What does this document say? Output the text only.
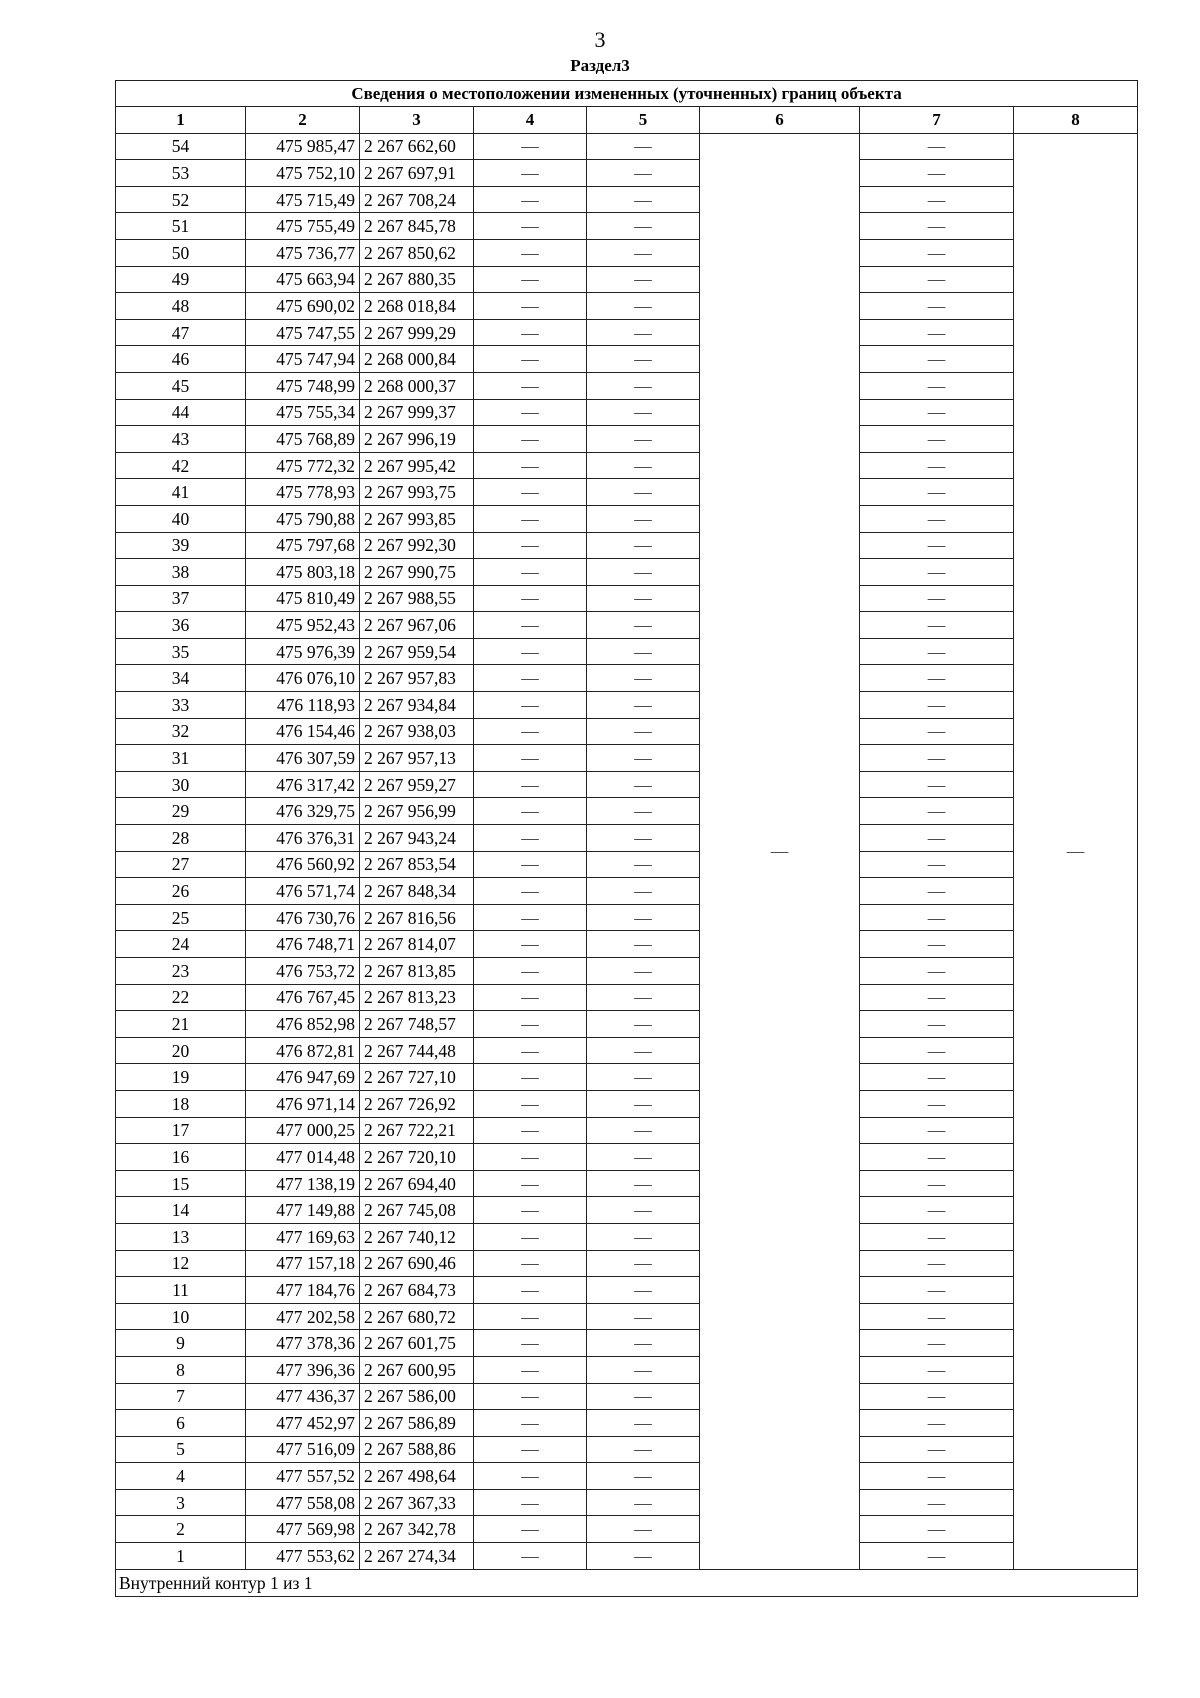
3
Раздел3
Сведения о местоположении измененных (уточненных) границ объекта							
1	2	3	4	5	6	7	8
54	475 985,47	2 267 662,60	—	—	—	—	—
53	475 752,10	2 267 697,91	—	—		—	
52	475 715,49	2 267 708,24	—	—		—	
51	475 755,49	2 267 845,78	—	—		—	
50	475 736,77	2 267 850,62	—	—		—	
49	475 663,94	2 267 880,35	—	—		—	
48	475 690,02	2 268 018,84	—	—		—	
47	475 747,55	2 267 999,29	—	—		—	
46	475 747,94	2 268 000,84	—	—		—	
45	475 748,99	2 268 000,37	—	—		—	
44	475 755,34	2 267 999,37	—	—		—	
43	475 768,89	2 267 996,19	—	—		—	
42	475 772,32	2 267 995,42	—	—		—	
41	475 778,93	2 267 993,75	—	—		—	
40	475 790,88	2 267 993,85	—	—		—	
39	475 797,68	2 267 992,30	—	—		—	
38	475 803,18	2 267 990,75	—	—		—	
37	475 810,49	2 267 988,55	—	—		—	
36	475 952,43	2 267 967,06	—	—		—	
35	475 976,39	2 267 959,54	—	—		—	
34	476 076,10	2 267 957,83	—	—		—	
33	476 118,93	2 267 934,84	—	—		—	
32	476 154,46	2 267 938,03	—	—		—	
31	476 307,59	2 267 957,13	—	—		—	
30	476 317,42	2 267 959,27	—	—		—	
29	476 329,75	2 267 956,99	—	—		—	
28	476 376,31	2 267 943,24	—	—		—	
27	476 560,92	2 267 853,54	—	—		—	
26	476 571,74	2 267 848,34	—	—		—	
25	476 730,76	2 267 816,56	—	—		—	
24	476 748,71	2 267 814,07	—	—		—	
23	476 753,72	2 267 813,85	—	—		—	
22	476 767,45	2 267 813,23	—	—		—	
21	476 852,98	2 267 748,57	—	—		—	
20	476 872,81	2 267 744,48	—	—		—	
19	476 947,69	2 267 727,10	—	—		—	
18	476 971,14	2 267 726,92	—	—		—	
17	477 000,25	2 267 722,21	—	—		—	
16	477 014,48	2 267 720,10	—	—		—	
15	477 138,19	2 267 694,40	—	—		—	
14	477 149,88	2 267 745,08	—	—		—	
13	477 169,63	2 267 740,12	—	—		—	
12	477 157,18	2 267 690,46	—	—		—	
11	477 184,76	2 267 684,73	—	—		—	
10	477 202,58	2 267 680,72	—	—		—	
9	477 378,36	2 267 601,75	—	—		—	
8	477 396,36	2 267 600,95	—	—		—	
7	477 436,37	2 267 586,00	—	—		—	
6	477 452,97	2 267 586,89	—	—		—	
5	477 516,09	2 267 588,86	—	—		—	
4	477 557,52	2 267 498,64	—	—		—	
3	477 558,08	2 267 367,33	—	—		—	
2	477 569,98	2 267 342,78	—	—		—	
1	477 553,62	2 267 274,34	—	—		—	
Внутренний контур 1 из 1							
